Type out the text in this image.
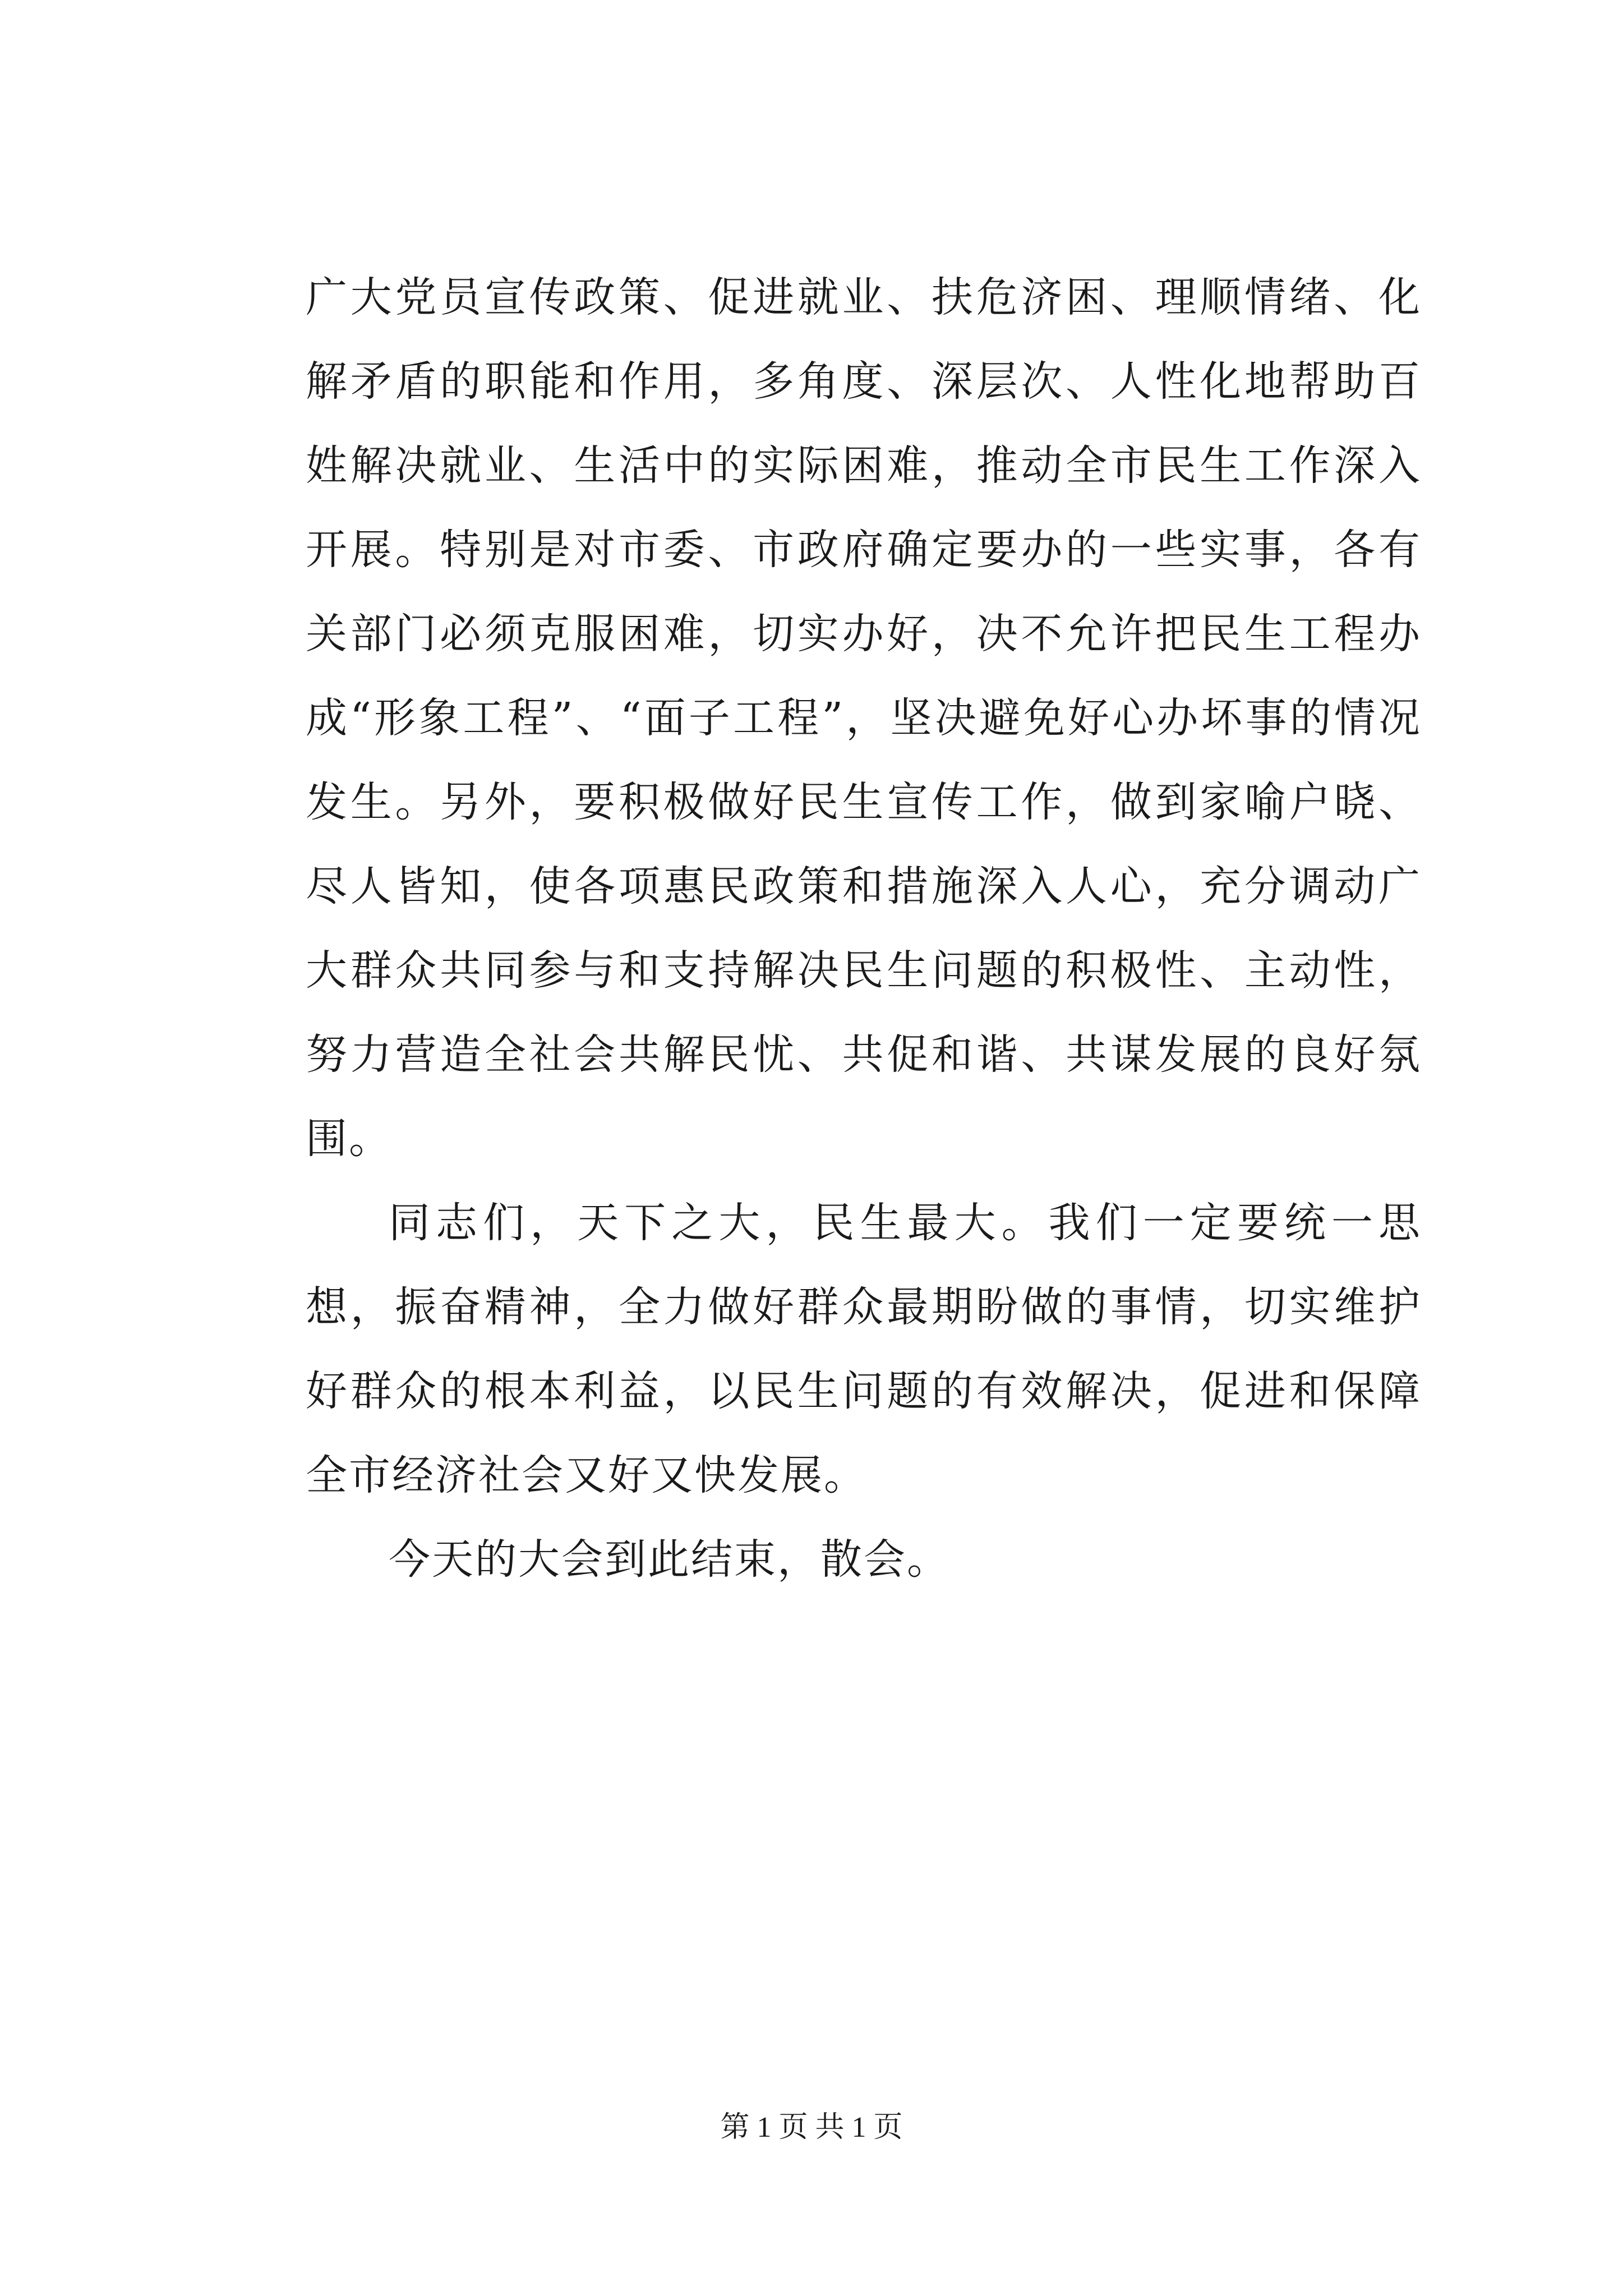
广大党员宣传政策、促进就业、扶危济困、理顺情绪、化解矛盾的职能和作用，多角度、深层次、人性化地帮助百姓解决就业、生活中的实际困难，推动全市民生工作深入开展。特别是对市委、市政府确定要办的一些实事，各有关部门必须克服困难，切实办好，决不允许把民生工程办成“形象工程”、“面子工程”，坚决避免好心办坏事的情况发生。另外，要积极做好民生宣传工作，做到家喻户晓、尽人皆知，使各项惠民政策和措施深入人心，充分调动广大群众共同参与和支持解决民生问题的积极性、主动性，努力营造全社会共解民忧、共促和谐、共谋发展的良好氛围。

同志们，天下之大，民生最大。我们一定要统一思想，振奋精神，全力做好群众最期盼做的事情，切实维护好群众的根本利益，以民生问题的有效解决，促进和保障全市经济社会又好又快发展。

今天的大会到此结束，散会。

第 1 页 共 1 页
